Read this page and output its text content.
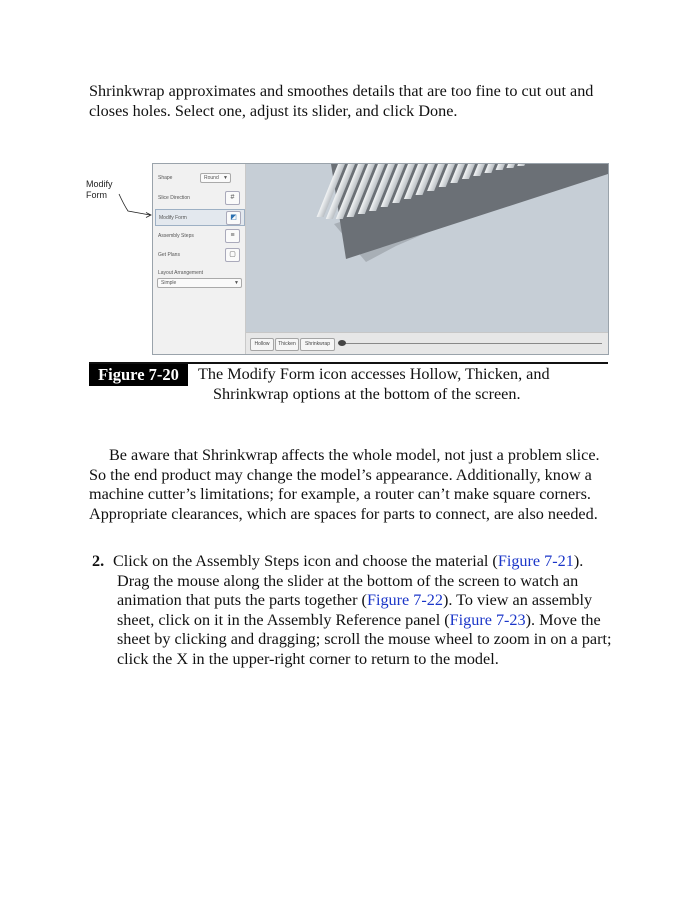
Shrinkwrap approximates and smoothes details that are too fine to cut out and closes holes. Select one, adjust its slider, and click Done.

Modify
Form
Shape	Round ▼
Slice Direction	#
Modify Form	◩
Assembly Steps	≡
Get Plans	▢
Layout Arrangement
Simple	▼
Hollow	Thicken	Shrinkwrap
Figure 7-20	The Modify Form icon accesses Hollow, Thicken, and
Shrinkwrap options at the bottom of the screen.

Be aware that Shrinkwrap affects the whole model, not just a problem slice. So the end product may change the model’s appearance. Additionally, know a machine cutter’s limitations; for example, a router can’t make square corners. Appropriate clearances, which are spaces for parts to connect, are also needed.

2. Click on the Assembly Steps icon and choose the material (Figure 7-21). Drag the mouse along the slider at the bottom of the screen to watch an animation that puts the parts together (Figure 7-22). To view an assembly sheet, click on it in the Assembly Reference panel (Figure 7-23). Move the sheet by clicking and dragging; scroll the mouse wheel to zoom in on a part; click the X in the upper-right corner to return to the model.
